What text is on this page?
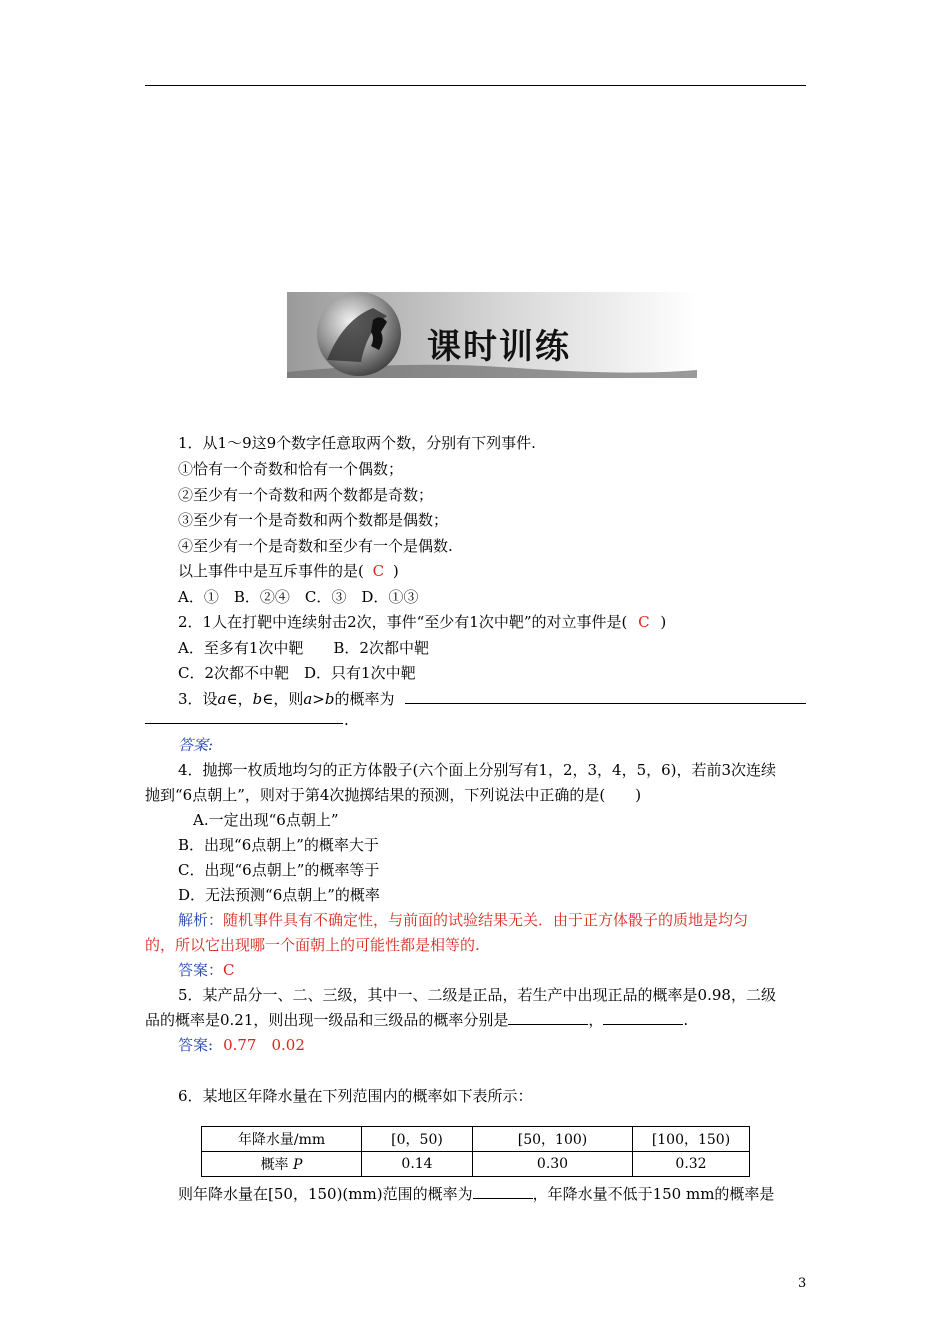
课时训练
1．从1～9这9个数字任意取两个数，分别有下列事件.
①恰有一个奇数和恰有一个偶数；
②至少有一个奇数和两个数都是奇数；
③至少有一个是奇数和两个数都是偶数；
④至少有一个是奇数和至少有一个是偶数.
以上事件中是互斥事件的是( C )
A．①　B．②④　C．③　D．①③
2．1人在打靶中连续射击2次，事件“至少有1次中靶”的对立事件是( C )
A．至多有1次中靶　　B．2次都中靶
C．2次都不中靶　D．只有1次中靶
3．设a∈，b∈，则a>b的概率为
.
答案:
4．抛掷一枚质地均匀的正方体骰子(六个面上分别写有1，2，3，4，5，6)，若前3次连续
抛到“6点朝上”，则对于第4次抛掷结果的预测，下列说法中正确的是(　　)
A.一定出现“6点朝上”
B．出现“6点朝上”的概率大于
C．出现“6点朝上”的概率等于
D．无法预测“6点朝上”的概率
解析：随机事件具有不确定性，与前面的试验结果无关．由于正方体骰子的质地是均匀
的，所以它出现哪一个面朝上的可能性都是相等的.
答案：C
5．某产品分一、二、三级，其中一、二级是正品，若生产中出现正品的概率是0.98，二级
品的概率是0.21，则出现一级品和三级品的概率分别是	，	.
答案: 0.77　0.02
6．某地区年降水量在下列范围内的概率如下表所示：
年降水量/mm	[0，50)	[50，100)	[100，150)
概率 P	0.14	0.30	0.32
则年降水量在[50，150)(mm)范围的概率为	，年降水量不低于150 mm的概率是
3
